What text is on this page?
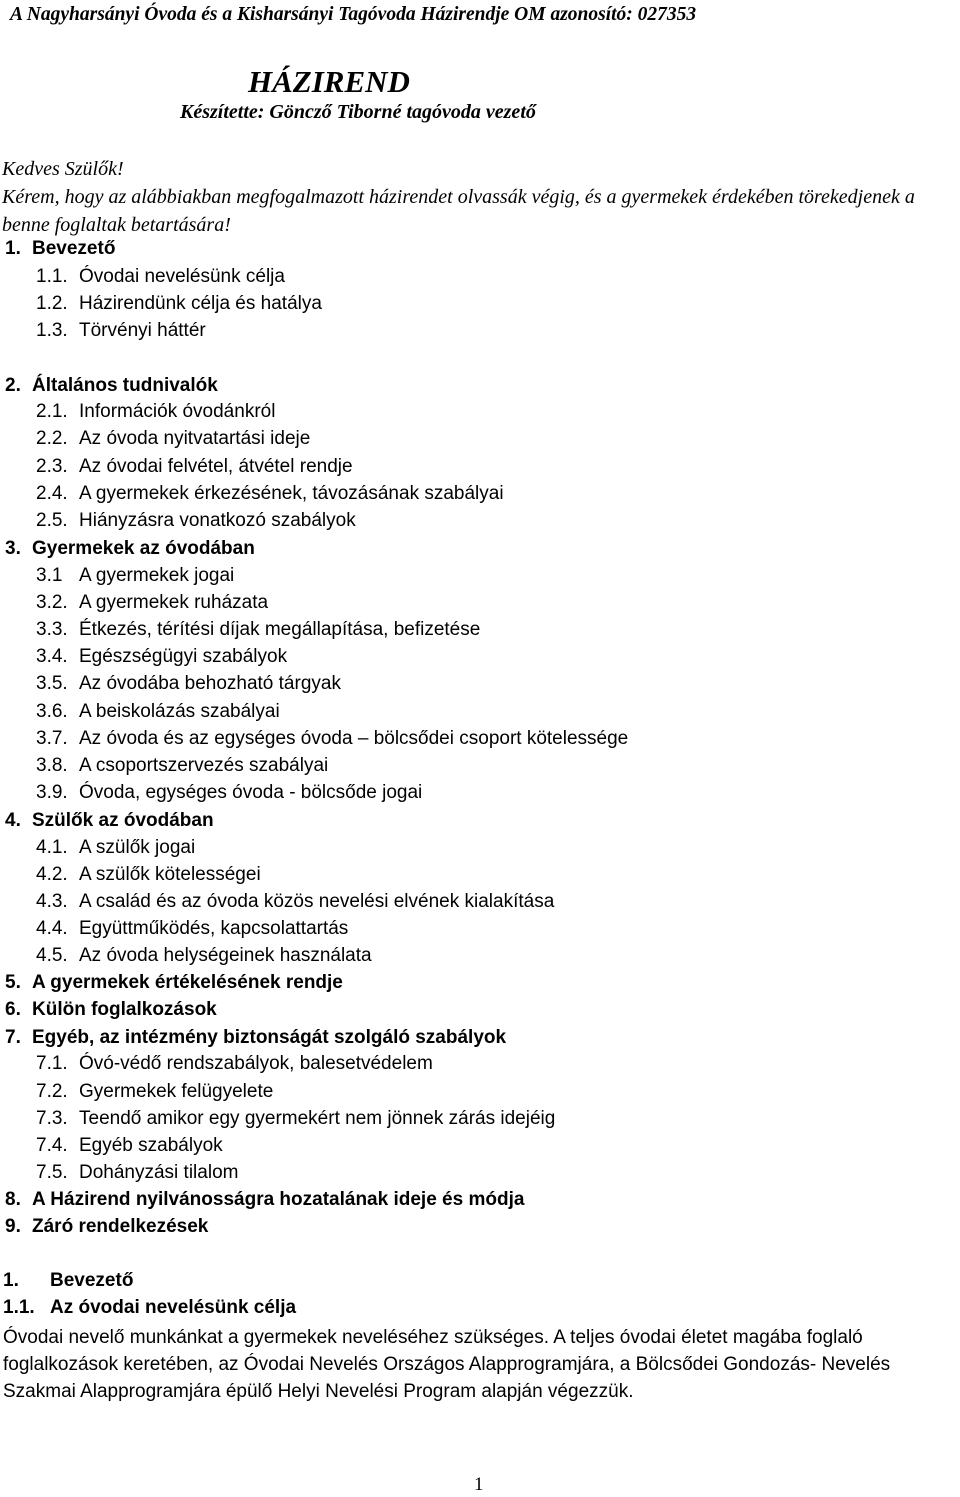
A Nagyharsányi Óvoda és a Kisharsányi Tagóvoda Házirendje OM azonosító: 027353
HÁZIREND
Készítette: Göncző Tiborné tagóvoda vezető
Kedves Szülők!
Kérem, hogy az alábbiakban megfogalmazott házirendet olvassák végig, és a gyermekek érdekében törekedjenek a benne foglaltak betartására!
1. Bevezető
1.1. Óvodai nevelésünk célja
1.2. Házirendünk célja és hatálya
1.3. Törvényi háttér
2. Általános tudnivalók
2.1. Információk óvodánkról
2.2. Az óvoda nyitvatartási ideje
2.3. Az óvodai felvétel, átvétel rendje
2.4. A gyermekek érkezésének, távozásának szabályai
2.5. Hiányzásra vonatkozó szabályok
3. Gyermekek az óvodában
3.1 A gyermekek jogai
3.2. A gyermekek ruházata
3.3. Étkezés, térítési díjak megállapítása, befizetése
3.4. Egészségügyi szabályok
3.5. Az óvodába behozható tárgyak
3.6. A beiskolázás szabályai
3.7. Az óvoda és az egységes óvoda – bölcsődei csoport kötelessége
3.8. A csoportszervezés szabályai
3.9. Óvoda, egységes óvoda - bölcsőde jogai
4. Szülők az óvodában
4.1. A szülők jogai
4.2. A szülők kötelességei
4.3. A család és az óvoda közös nevelési elvének kialakítása
4.4. Együttműködés, kapcsolattartás
4.5. Az óvoda helységeinek használata
5. A gyermekek értékelésének rendje
6. Külön foglalkozások
7. Egyéb, az intézmény biztonságát szolgáló szabályok
7.1. Óvó-védő rendszabályok, balesetvédelem
7.2. Gyermekek felügyelete
7.3. Teendő amikor egy gyermekért nem jönnek zárás idejéig
7.4. Egyéb szabályok
7.5. Dohányzási tilalom
8. A Házirend nyilvánosságra hozatalának ideje és módja
9. Záró rendelkezések
1. Bevezető
1.1. Az óvodai nevelésünk célja
Óvodai nevelő munkánkat a gyermekek neveléséhez szükséges. A teljes óvodai életet magába foglaló foglalkozások keretében, az Óvodai Nevelés Országos Alapprogramjára, a Bölcsődei Gondozás- Nevelés Szakmai Alapprogramjára épülő Helyi Nevelési Program alapján végezzük.
1
